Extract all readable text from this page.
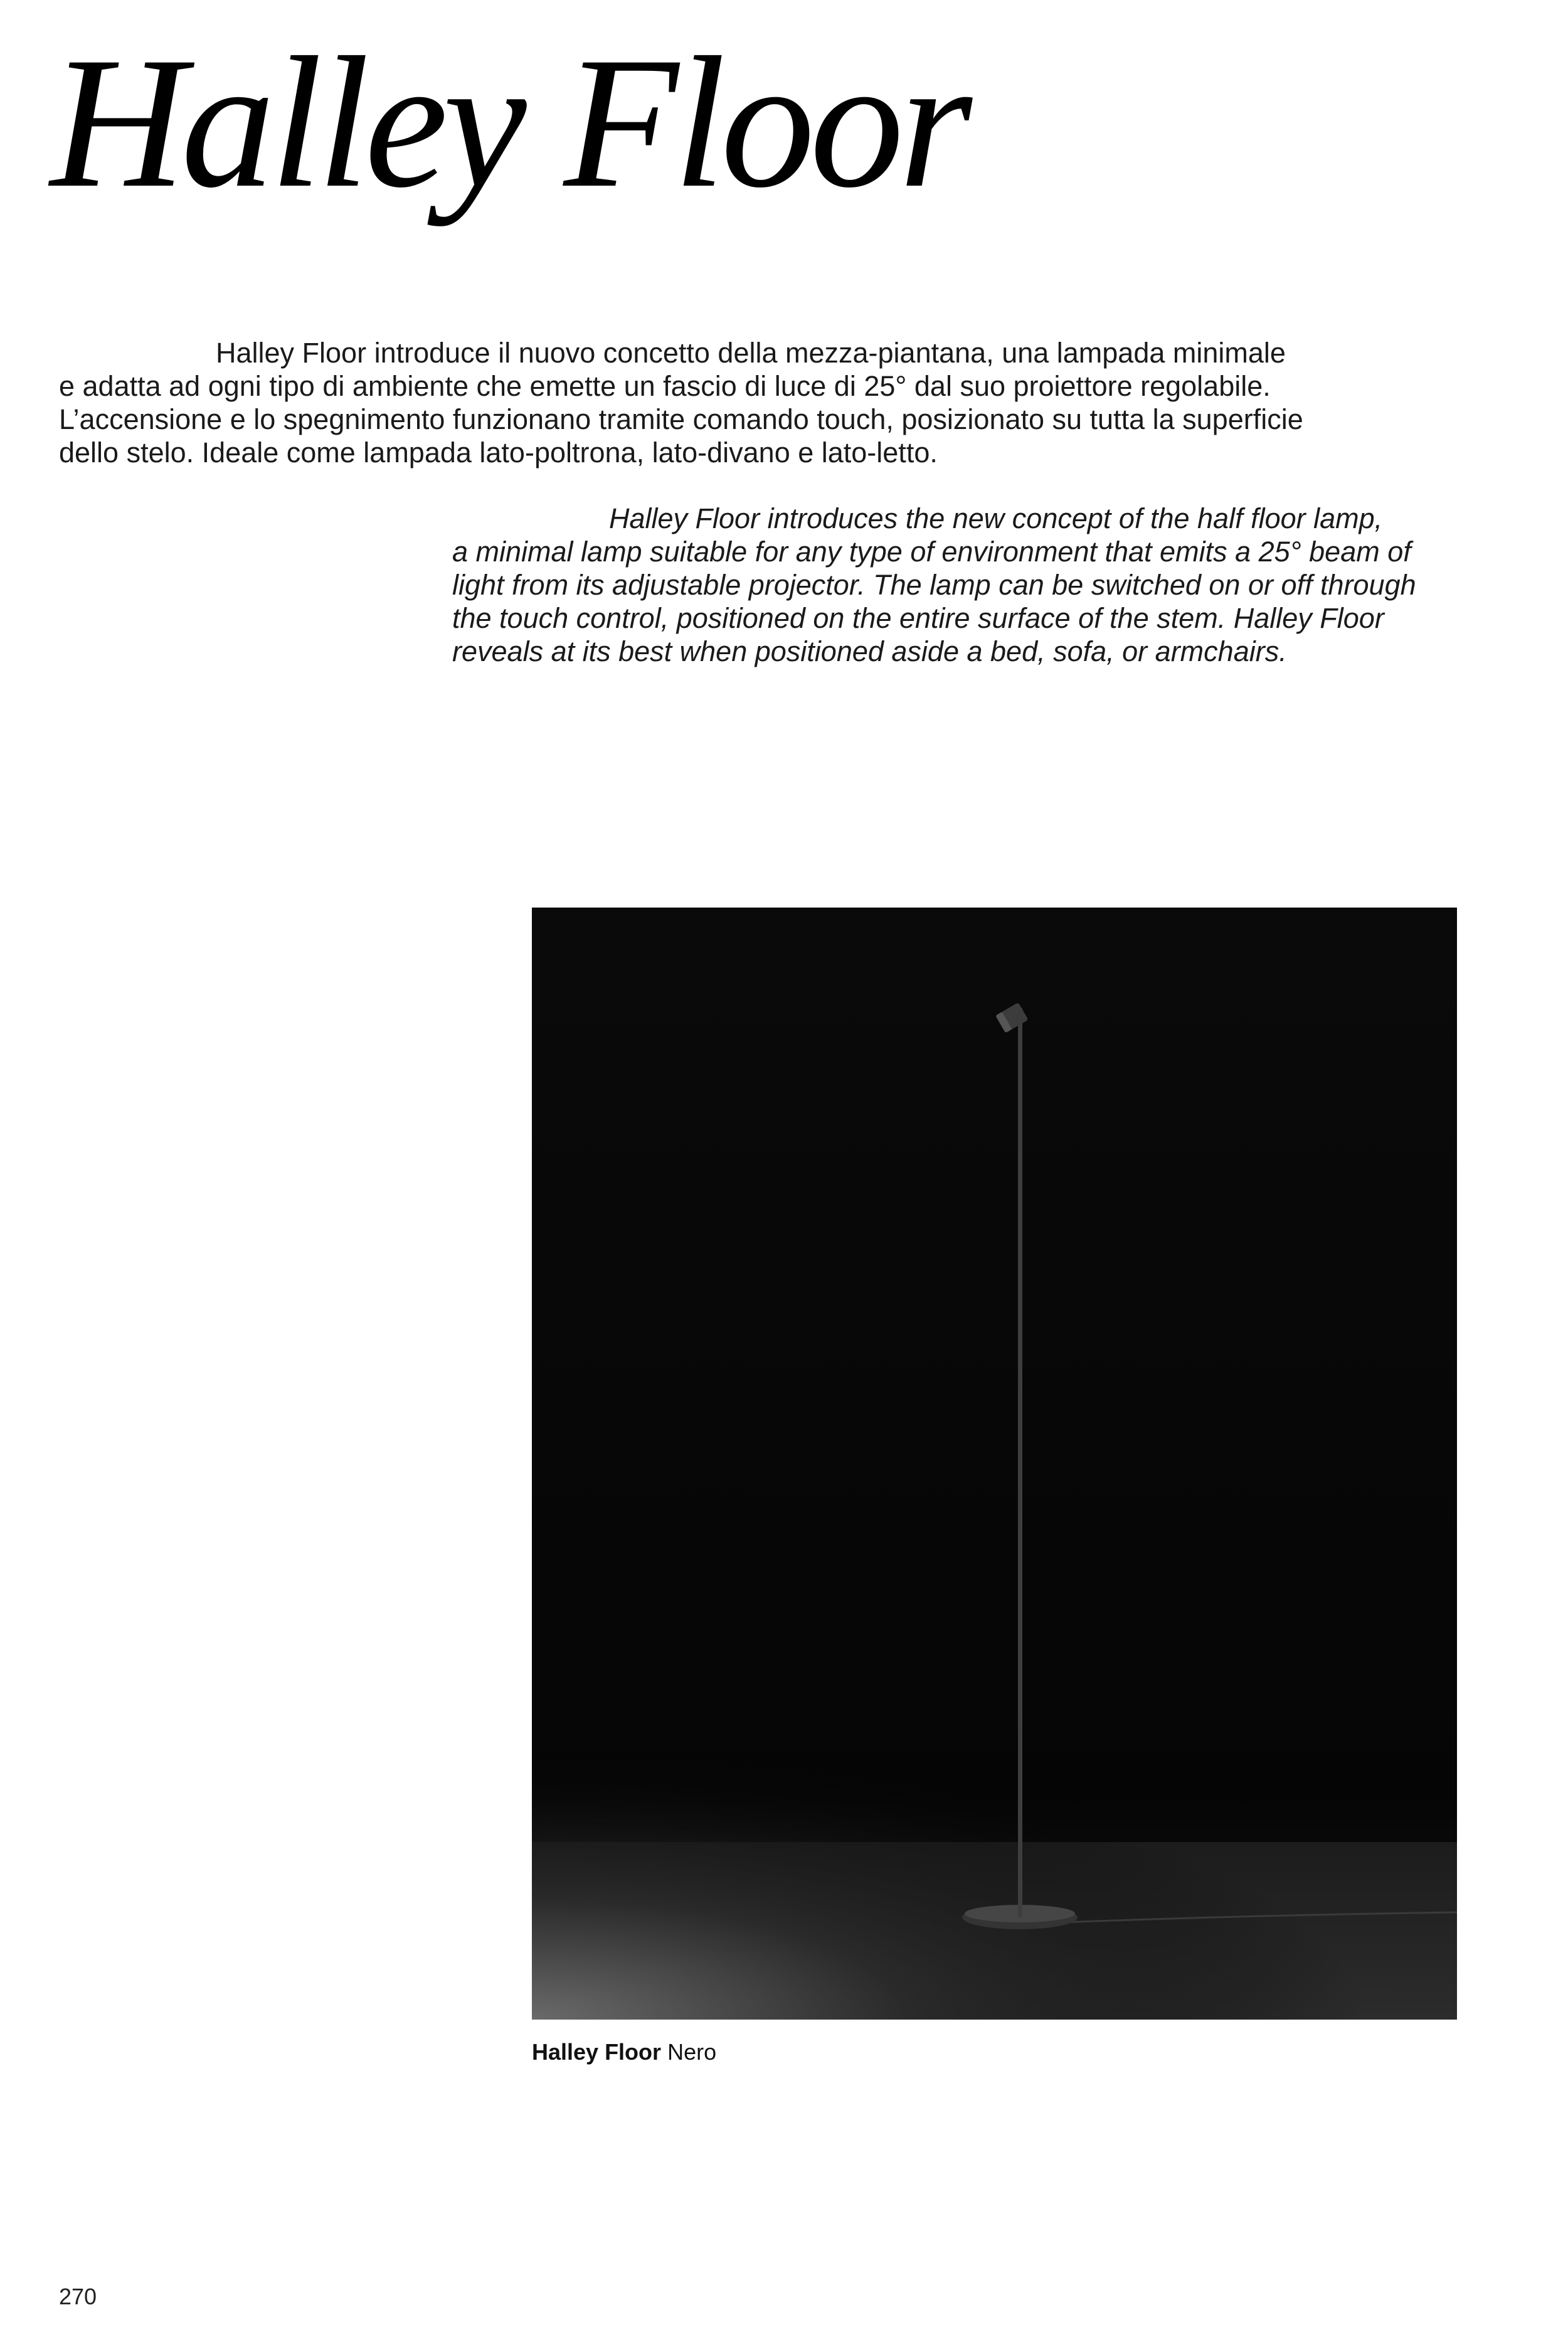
Halley Floor

Halley Floor introduce il nuovo concetto della mezza-piantana, una lampada minimale
e adatta ad ogni tipo di ambiente che emette un fascio di luce di 25° dal suo proiettore regolabile.
L’accensione e lo spegnimento funzionano tramite comando touch, posizionato su tutta la superficie
dello stelo. Ideale come lampada lato-poltrona, lato-divano e lato-letto.

Halley Floor introduces the new concept of the half floor lamp,
a minimal lamp suitable for any type of environment that emits a 25° beam of
light from its adjustable projector. The lamp can be switched on or off through
the touch control, positioned on the entire surface of the stem. Halley Floor
reveals at its best when positioned aside a bed, sofa, or armchairs.

Halley Floor Nero

270
